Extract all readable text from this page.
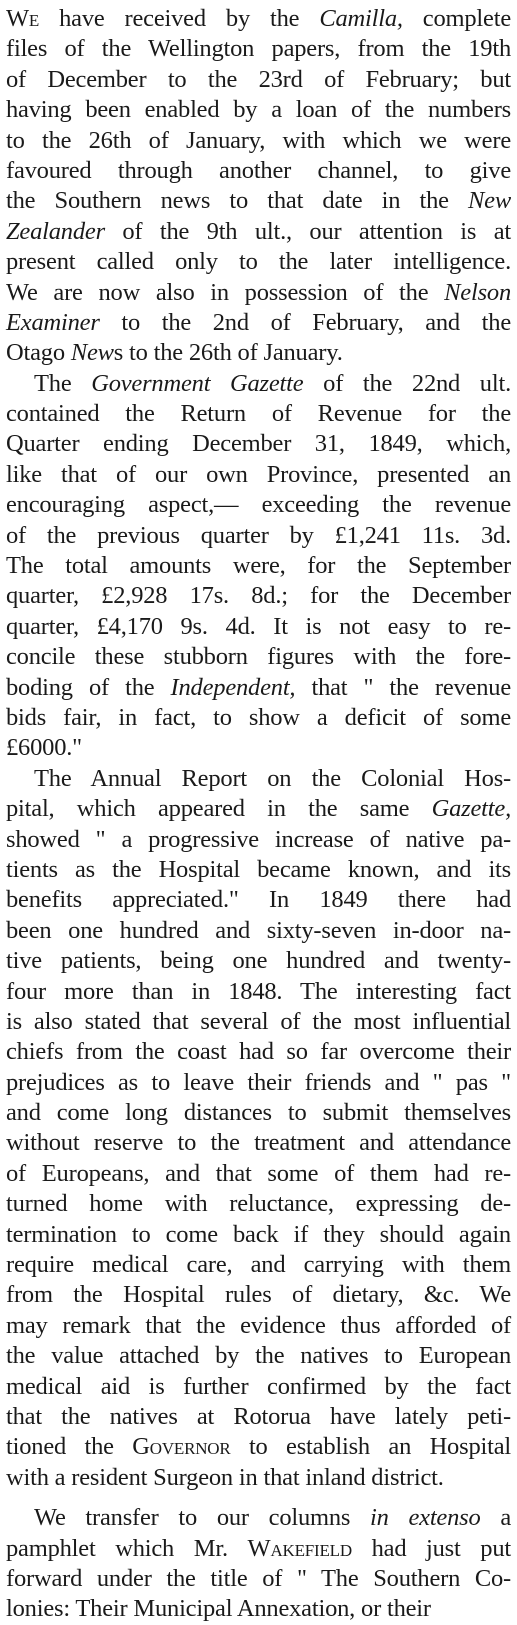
We have received by the Camilla, complete
files of the Wellington papers, from the 19th
of December to the 23rd of February; but
having been enabled by a loan of the numbers
to the 26th of January, with which we were
favoured through another channel, to give
the Southern news to that date in the New
Zealander of the 9th ult., our attention is at
present called only to the later intelligence.
We are now also in possession of the Nelson
Examiner to the 2nd of February, and the
Otago News to the 26th of January.
The Government Gazette of the 22nd ult.
contained the Return of Revenue for the
Quarter ending December 31, 1849, which,
like that of our own Province, presented an
encouraging aspect,— exceeding the revenue
of the previous quarter by £1,241 11s. 3d.
The total amounts were, for the September
quarter, £2,928 17s. 8d.; for the December
quarter, £4,170 9s. 4d. It is not easy to re-
concile these stubborn figures with the fore-
boding of the Independent, that " the revenue
bids fair, in fact, to show a deficit of some
£6000."
The Annual Report on the Colonial Hos-
pital, which appeared in the same Gazette,
showed " a progressive increase of native pa-
tients as the Hospital became known, and its
benefits appreciated." In 1849 there had
been one hundred and sixty-seven in-door na-
tive patients, being one hundred and twenty-
four more than in 1848. The interesting fact
is also stated that several of the most influential
chiefs from the coast had so far overcome their
prejudices as to leave their friends and " pas "
and come long distances to submit themselves
without reserve to the treatment and attendance
of Europeans, and that some of them had re-
turned home with reluctance, expressing de-
termination to come back if they should again
require medical care, and carrying with them
from the Hospital rules of dietary, &c. We
may remark that the evidence thus afforded of
the value attached by the natives to European
medical aid is further confirmed by the fact
that the natives at Rotorua have lately peti-
tioned the Governor to establish an Hospital
with a resident Surgeon in that inland district.
We transfer to our columns in extenso a
pamphlet which Mr. Wakefield had just put
forward under the title of " The Southern Co-
lonies: Their Municipal Annexation, or their
